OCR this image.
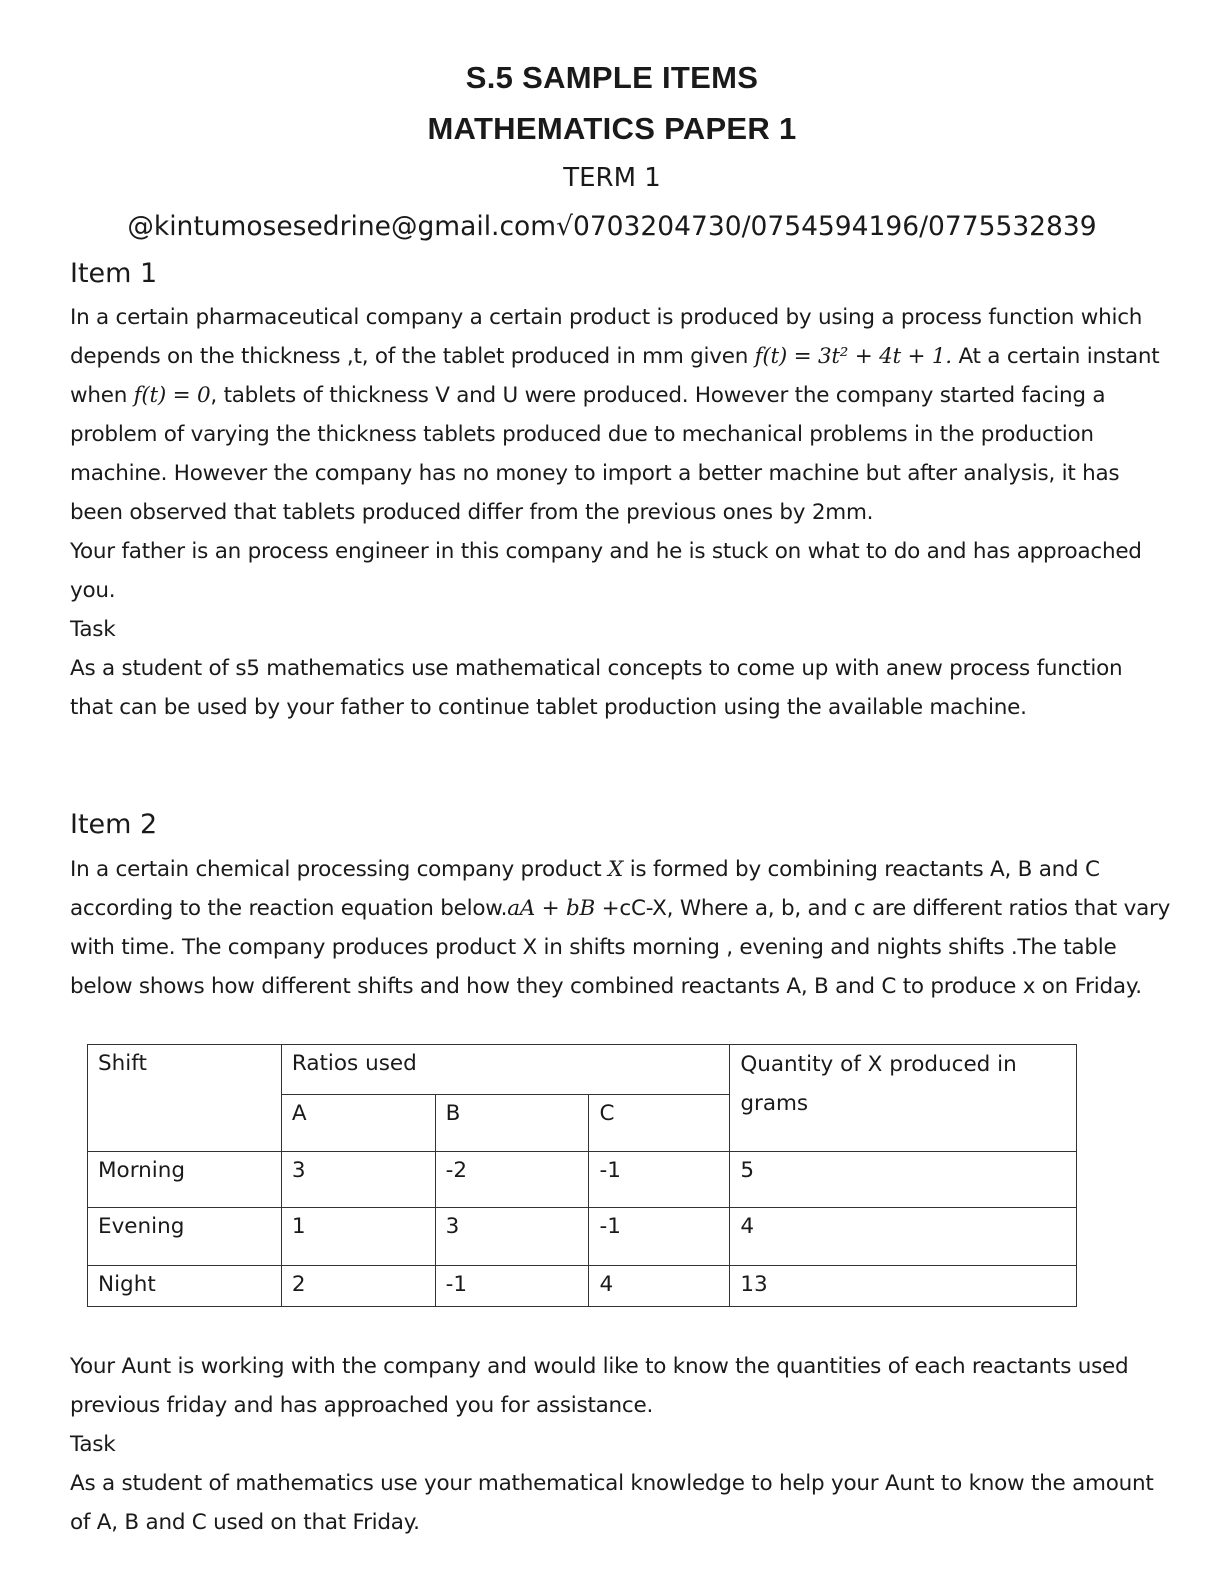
S.5 SAMPLE ITEMS
MATHEMATICS PAPER 1
TERM 1
@kintumosesedrine@gmail.com√0703204730/0754594196/0775532839
Item 1

In a certain pharmaceutical company a certain product is produced by using a process function which depends on the thickness ,t, of the tablet produced in mm given f(t) = 3t² + 4t + 1. At a certain instant when f(t) = 0, tablets of thickness V and U were produced. However the company started facing a problem of varying the thickness tablets produced due to mechanical problems in the production machine. However the company has no money to import a better machine but after analysis, it has been observed that tablets produced differ from the previous ones by 2mm.

Your father is an process engineer in this company and he is stuck on what to do and has approached you.

Task

As a student of s5 mathematics use mathematical concepts to come up with anew process function that can be used by your father to continue tablet production using the available machine.

Item 2

In a certain chemical processing company product X is formed by combining reactants A, B and C according to the reaction equation below.aA + bB +cC-X, Where a, b, and c are different ratios that vary with time. The company produces product X in shifts morning , evening and nights shifts .The table below shows how different shifts and how they combined reactants A, B and C to produce x on Friday.

Shift	Ratios used			Quantity of X produced in grams
	A	B	C	
Morning	3	-2	-1	5
Evening	1	3	-1	4
Night	2	-1	4	13

Your Aunt is working with the company and would like to know the quantities of each reactants used previous friday and has approached you for assistance.

Task

As a student of mathematics use your mathematical knowledge to help your Aunt to know the amount of A, B and C used on that Friday.
